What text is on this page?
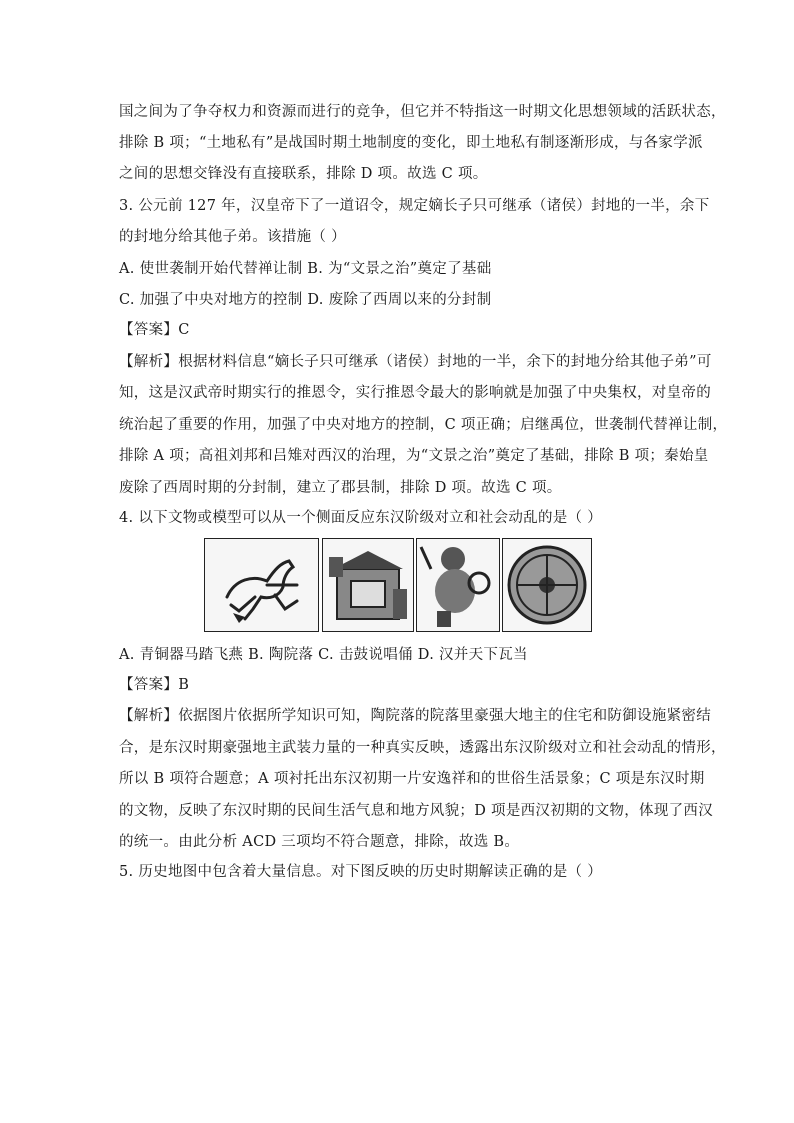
国之间为了争夺权力和资源而进行的竞争，但它并不特指这一时期文化思想领域的活跃状态，
排除 B 项；“土地私有”是战国时期土地制度的变化，即土地私有制逐渐形成，与各家学派
之间的思想交锋没有直接联系，排除 D 项。故选 C 项。
3. 公元前 127 年，汉皇帝下了一道诏令，规定嫡长子只可继承（诸侯）封地的一半，余下
的封地分给其他子弟。该措施（ ）
A. 使世袭制开始代替禅让制 B. 为“文景之治”奠定了基础
C. 加强了中央对地方的控制 D. 废除了西周以来的分封制
【答案】C
【解析】根据材料信息“嫡长子只可继承（诸侯）封地的一半，余下的封地分给其他子弟”可
知，这是汉武帝时期实行的推恩令，实行推恩令最大的影响就是加强了中央集权，对皇帝的
统治起了重要的作用，加强了中央对地方的控制，C 项正确；启继禹位，世袭制代替禅让制，
排除 A 项；高祖刘邦和吕雉对西汉的治理，为“文景之治”奠定了基础，排除 B 项；秦始皇
废除了西周时期的分封制，建立了郡县制，排除 D 项。故选 C 项。
4. 以下文物或模型可以从一个侧面反应东汉阶级对立和社会动乱的是（ ）
A. 青铜器马踏飞燕 B. 陶院落 C. 击鼓说唱俑 D. 汉并天下瓦当
【答案】B
【解析】依据图片依据所学知识可知，陶院落的院落里豪强大地主的住宅和防御设施紧密结
合，是东汉时期豪强地主武装力量的一种真实反映，透露出东汉阶级对立和社会动乱的情形，
所以 B 项符合题意；A 项衬托出东汉初期一片安逸祥和的世俗生活景象；C 项是东汉时期
的文物，反映了东汉时期的民间生活气息和地方风貌；D 项是西汉初期的文物，体现了西汉
的统一。由此分析 ACD 三项均不符合题意，排除，故选 B。
5. 历史地图中包含着大量信息。对下图反映的历史时期解读正确的是（ ）
